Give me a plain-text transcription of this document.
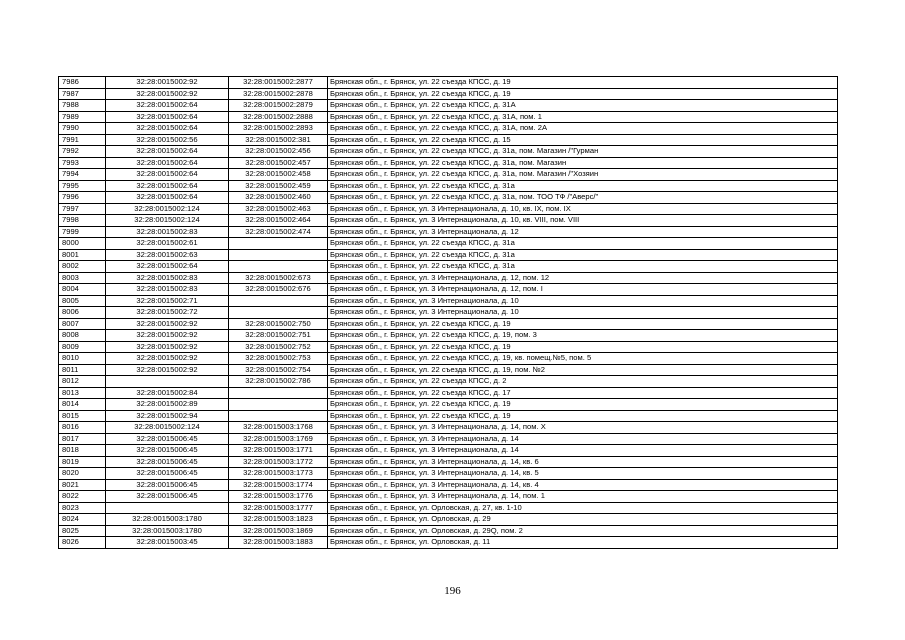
7986	32:28:0015002:92	32:28:0015002:2877	Брянская обл., г. Брянск, ул. 22 съезда КПСС, д. 19
7987	32:28:0015002:92	32:28:0015002:2878	Брянская обл., г. Брянск, ул. 22 съезда КПСС, д. 19
7988	32:28:0015002:64	32:28:0015002:2879	Брянская обл., г. Брянск, ул. 22 съезда КПСС, д. 31А
7989	32:28:0015002:64	32:28:0015002:2888	Брянская обл., г. Брянск, ул. 22 съезда КПСС, д. 31А, пом. 1
7990	32:28:0015002:64	32:28:0015002:2893	Брянская обл., г. Брянск, ул. 22 съезда КПСС, д. 31А, пом. 2А
7991	32:28:0015002:56	32:28:0015002:381	Брянская обл., г. Брянск, ул. 22 съезда КПСС, д. 15
7992	32:28:0015002:64	32:28:0015002:456	Брянская обл., г. Брянск, ул. 22 съезда КПСС, д. 31а, пом. Магазин /"Гурман
7993	32:28:0015002:64	32:28:0015002:457	Брянская обл., г. Брянск, ул. 22 съезда КПСС, д. 31а, пом. Магазин
7994	32:28:0015002:64	32:28:0015002:458	Брянская обл., г. Брянск, ул. 22 съезда КПСС, д. 31а, пом. Магазин /"Хозяин
7995	32:28:0015002:64	32:28:0015002:459	Брянская обл., г. Брянск, ул. 22 съезда КПСС, д. 31а
7996	32:28:0015002:64	32:28:0015002:460	Брянская обл., г. Брянск, ул. 22 съезда КПСС, д. 31а, пом. ТОО ТФ /"Аверс/"
7997	32:28:0015002:124	32:28:0015002:463	Брянская обл., г. Брянск, ул. 3 Интернационала, д. 10, кв. IX, пом. IX
7998	32:28:0015002:124	32:28:0015002:464	Брянская обл., г. Брянск, ул. 3 Интернационала, д. 10, кв. VIII, пом. VIII
7999	32:28:0015002:83	32:28:0015002:474	Брянская обл., г. Брянск, ул. 3 Интернационала, д. 12
8000	32:28:0015002:61		Брянская обл., г. Брянск, ул. 22 съезда КПСС, д. 31а
8001	32:28:0015002:63		Брянская обл., г. Брянск, ул. 22 съезда КПСС, д. 31а
8002	32:28:0015002:64		Брянская обл., г. Брянск, ул. 22 съезда КПСС, д. 31а
8003	32:28:0015002:83	32:28:0015002:673	Брянская обл., г. Брянск, ул. 3 Интернационала, д. 12, пом. 12
8004	32:28:0015002:83	32:28:0015002:676	Брянская обл., г. Брянск, ул. 3 Интернационала, д. 12, пом. I
8005	32:28:0015002:71		Брянская обл., г. Брянск, ул. 3 Интернационала, д. 10
8006	32:28:0015002:72		Брянская обл., г. Брянск, ул. 3 Интернационала, д. 10
8007	32:28:0015002:92	32:28:0015002:750	Брянская обл., г. Брянск, ул. 22 съезда КПСС, д. 19
8008	32:28:0015002:92	32:28:0015002:751	Брянская обл., г. Брянск, ул. 22 съезда КПСС, д. 19, пом. 3
8009	32:28:0015002:92	32:28:0015002:752	Брянская обл., г. Брянск, ул. 22 съезда КПСС, д. 19
8010	32:28:0015002:92	32:28:0015002:753	Брянская обл., г. Брянск, ул. 22 съезда КПСС, д. 19, кв. помещ.№5, пом. 5
8011	32:28:0015002:92	32:28:0015002:754	Брянская обл., г. Брянск, ул. 22 съезда КПСС, д. 19, пом. №2
8012		32:28:0015002:786	Брянская обл., г. Брянск, ул. 22 съезда КПСС, д. 2
8013	32:28:0015002:84		Брянская обл., г. Брянск, ул. 22 съезда КПСС, д. 17
8014	32:28:0015002:89		Брянская обл., г. Брянск, ул. 22 съезда КПСС, д. 19
8015	32:28:0015002:94		Брянская обл., г. Брянск, ул. 22 съезда КПСС, д. 19
8016	32:28:0015002:124	32:28:0015003:1768	Брянская обл., г. Брянск, ул. 3 Интернационала, д. 14, пом. X
8017	32:28:0015006:45	32:28:0015003:1769	Брянская обл., г. Брянск, ул. 3 Интернационала, д. 14
8018	32:28:0015006:45	32:28:0015003:1771	Брянская обл., г. Брянск, ул. 3 Интернационала, д. 14
8019	32:28:0015006:45	32:28:0015003:1772	Брянская обл., г. Брянск, ул. 3 Интернационала, д. 14, кв. 6
8020	32:28:0015006:45	32:28:0015003:1773	Брянская обл., г. Брянск, ул. 3 Интернационала, д. 14, кв. 5
8021	32:28:0015006:45	32:28:0015003:1774	Брянская обл., г. Брянск, ул. 3 Интернационала, д. 14, кв. 4
8022	32:28:0015006:45	32:28:0015003:1776	Брянская обл., г. Брянск, ул. 3 Интернационала, д. 14, пом. 1
8023		32:28:0015003:1777	Брянская обл., г. Брянск, ул. Орловская, д. 27, кв. 1-10
8024	32:28:0015003:1780	32:28:0015003:1823	Брянская обл., г. Брянск, ул. Орловская, д. 29
8025	32:28:0015003:1780	32:28:0015003:1869	Брянская обл., г. Брянск, ул. Орловская, д. 29Q, пом. 2
8026	32:28:0015003:45	32:28:0015003:1883	Брянская обл., г. Брянск, ул. Орловская, д. 11
196
